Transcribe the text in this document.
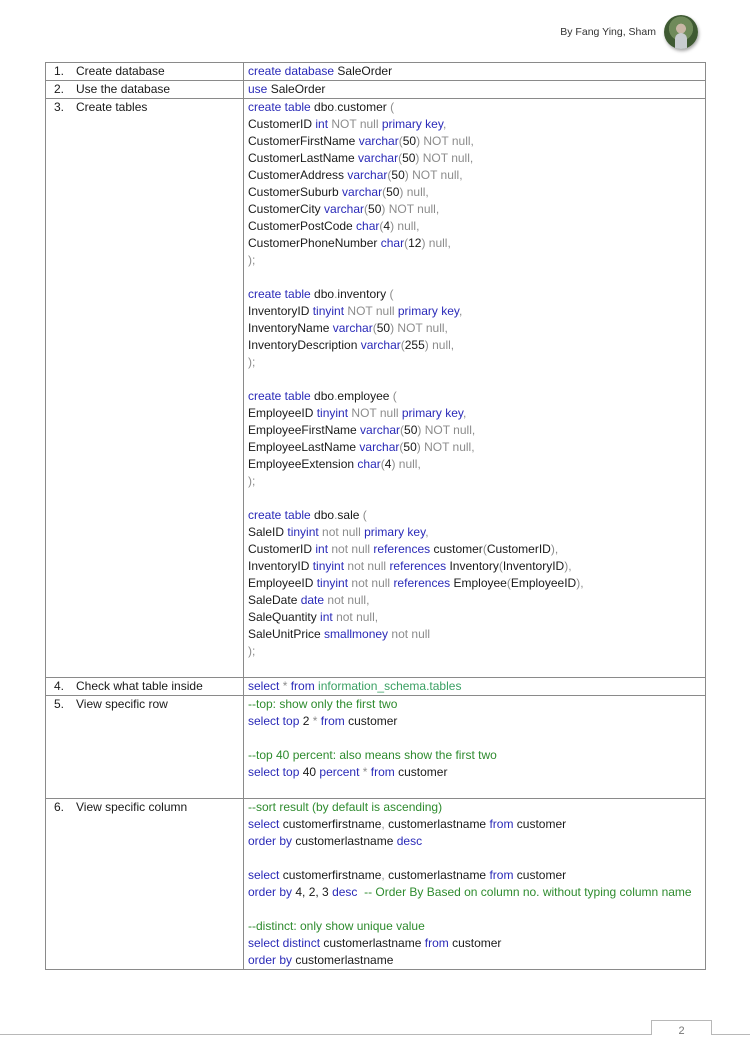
By Fang Ying, Sham
1. Create database	create database SaleOrder

2. Use the database	use SaleOrder

3. Create tables	create table dbo.customer (
CustomerID int NOT null primary key,
CustomerFirstName varchar(50) NOT null,
CustomerLastName varchar(50) NOT null,
CustomerAddress varchar(50) NOT null,
CustomerSuburb varchar(50) null,
CustomerCity varchar(50) NOT null,
CustomerPostCode char(4) null,
CustomerPhoneNumber char(12) null,
);
create table dbo.inventory (
InventoryID tinyint NOT null primary key,
InventoryName varchar(50) NOT null,
InventoryDescription varchar(255) null,
);
create table dbo.employee (
EmployeeID tinyint NOT null primary key,
EmployeeFirstName varchar(50) NOT null,
EmployeeLastName varchar(50) NOT null,
EmployeeExtension char(4) null,
);
create table dbo.sale (
SaleID tinyint not null primary key,
CustomerID int not null references customer(CustomerID),
InventoryID tinyint not null references Inventory(InventoryID),
EmployeeID tinyint not null references Employee(EmployeeID),
SaleDate date not null,
SaleQuantity int not null,
SaleUnitPrice smallmoney not null
);

4. Check what table inside	select * from information_schema.tables

5. View specific row	--top: show only the first two
select top 2 * from customer
--top 40 percent: also means show the first two
select top 40 percent * from customer

6. View specific column	--sort result (by default is ascending)
select customerfirstname, customerlastname from customer
order by customerlastname desc
select customerfirstname, customerlastname from customer
order by 4, 2, 3 desc  -- Order By Based on column no. without typing column name
--distinct: only show unique value
select distinct customerlastname from customer
order by customerlastname
2
